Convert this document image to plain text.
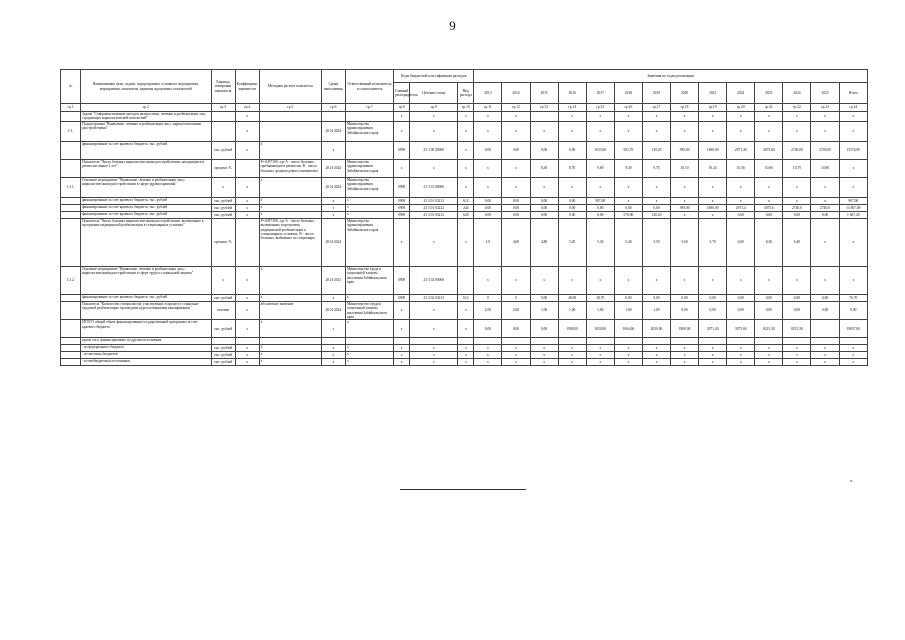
9
№	Наименование цели, задачи, подпрограммы, основного мероприятия, мероприятия, показателя, единицы программы, показателей	Единица измерения показателя	Коэффициент значимости	Методика расчета показателя	Сроки выполнения	Ответственный исполнитель и соисполнитель	Коды бюджетной классификации расходов			Значения по годам реализации													
							Главный распорядитель	Целевая статья	Вид расхода	2013	2014	2015	2016	2017	2018	2019	2020	2021	2022	2023	2024	2025	Итого
гр.1	гр.2	гр.3	гр.4	гр.5	гр.6	гр.7	гр.8	гр.9	гр.10	гр.11	гр.12	гр.13	гр.14	гр.15	гр.16	гр.17	гр.18	гр.19	гр.20	гр.21	гр.22	гр.23	гр.24
	Задача "Совершенствование методов диагностики, лечения и реабилитации лиц, страдающих наркологической патологией"		х				х	х	х	х	х		х	х	х	х	х	х	х	х	х	х	х
1.3.	Подпрограмма "Выявление, лечение и реабилитация лиц с наркологическими расстройствами"		х		2014-2024	Министерство здравоохранения Забайкальского края	х	х	х	х	х	х	х	х	х	х	х	х	х	х	х	х	х
	финансирование за счет краевого бюджета, тыс. рублей	тыс. рублей	х	х	х		0909	23 3 00 00000	х	0,00	0,00	0,00	0,00	1035,00	563,70	129,20	590,00	1690,00	2971,40	3075,60	2740,00	2740,00	15574,90
	Показатель "Число больных наркологическими расстройствами, находящихся в ремиссии свыше 2 лет"	процент, %		Р=А/В*100, где А - число больных, пребывающих в ремиссии, В - число больных среднегодового контингента	2014-2024	Министерство здравоохранения Забайкальского края	х	х	х	х	х	8,30	8,70	9,00	9,40	9,70	10,10	10,43	10,56	10,60	10,70	10,80	х
1.3.1.	Основное мероприятие "Выявление, лечение и реабилитация лиц с наркологическими расстройствами в сфере здравоохранения"	х	х	х	2014-2024	Министерство здравоохранения Забайкальского края	0909	23 3 01 00000	х	х	х	х	х	х	х	х	х	х	х	х	х	х	х
	финансирование за счет краевого бюджета, тыс. рублей	тыс. рублей	х	х	х	х	0909	23 3 01 03212	612	0,00	0,00	0,00	0,00	987,00	х	х	х	х	х	х	х	х	987,00
	финансирование за счет краевого бюджета, тыс. рублей	тыс. рублей	х	х	х	х	0909	23 3 01 03212	244	0,00	0,00	0,00	0,00	0,00	0,00	0,00	590,00	1690,00	2971,4	3075,6	2740,0	2740,0	13 807,00
	финансирование за счет краевого бюджета, тыс. рублей	тыс. рублей	х	х	х	х	0909	23 3 01 03212	620	0,00	0,00	0,00	0,00	0,00	570,00	120,20	х	х	0,00	0,00	0,00	0,00	1 667,20
	Показатель "Число больных наркологическими расстройствами, включенных в программы медицинской реабилитации в стационарных условиях"	процент, %		Р=А/В*100, где А - число больных, включенных в программу медицинской реабилитации в стационарных условиях, В - число больных, выбывших из стационара	2014-2024	Министерство здравоохранения Забайкальского края	х	х	х	1,9	4,00	4,80	5,20	5,30	5,40	5,50	5,60	5,70	6,00	6,30	6,40	х	х
1.3.2.	Основное мероприятие "Выявление, лечение и реабилитация лиц с наркологическими расстройствами в сфере труда и социальной защиты"	х	х	х	2014-2021	Министерство труда и социальной защиты населения Забайкальского края	0909	23 3 02 00000		х	х	х	х	х	х	х	х	х	х	х	х	х	х
	финансирование за счет краевого бюджета, тыс. рублей	тыс. рублей	х	х	х	х	0909	23 3 02 03212	612	0	0	0,00	48,00	28,70	0,00	0,00	0,00	0,00	0,00	0,00	0,00	0,00	76,70
	Показатель "Количество специалистов, участвующих в процессе социально-трудовой реабилитации, прошедших курсы повышения квалификации"	человек	х	абсолютное значение	2014-2024	Министерство труда и социальной защиты населения Забайкальского края	х	х	х	2,00	2,00	1,00	1,00	1,00	1,00	1,00	0,00	0,00	0,00	0,00	0,00	0,00	9,00
	ИТОГО общий объем финансирования государственной программы за счет краевого бюджета	тыс. рублей	х	х	х	х	х	х	х	0,00	0,00	0,00	1980,00	1050,00	1064,60	2030,00	1800,00	2971,40	3075,60	8215,30	8215,30		19657,00
	кроме того, финансирование по другим источникам:																						
	- из федерального бюджета	тыс. рублей	х	х	х	х	х	х	х	х	х	х	х	х	х	х	х	х	х	х	х	х	х
	- из местных бюджетов	тыс. рублей	х	х	х	х	х	х	х	х	х	х	х	х	х	х	х	х	х	х	х	х	х
	- из внебюджетных источников	тыс. рублей	х	х	х	х	х	х	х	х	х	х	х	х	х	х	х	х	х	х	х	х	х
».
